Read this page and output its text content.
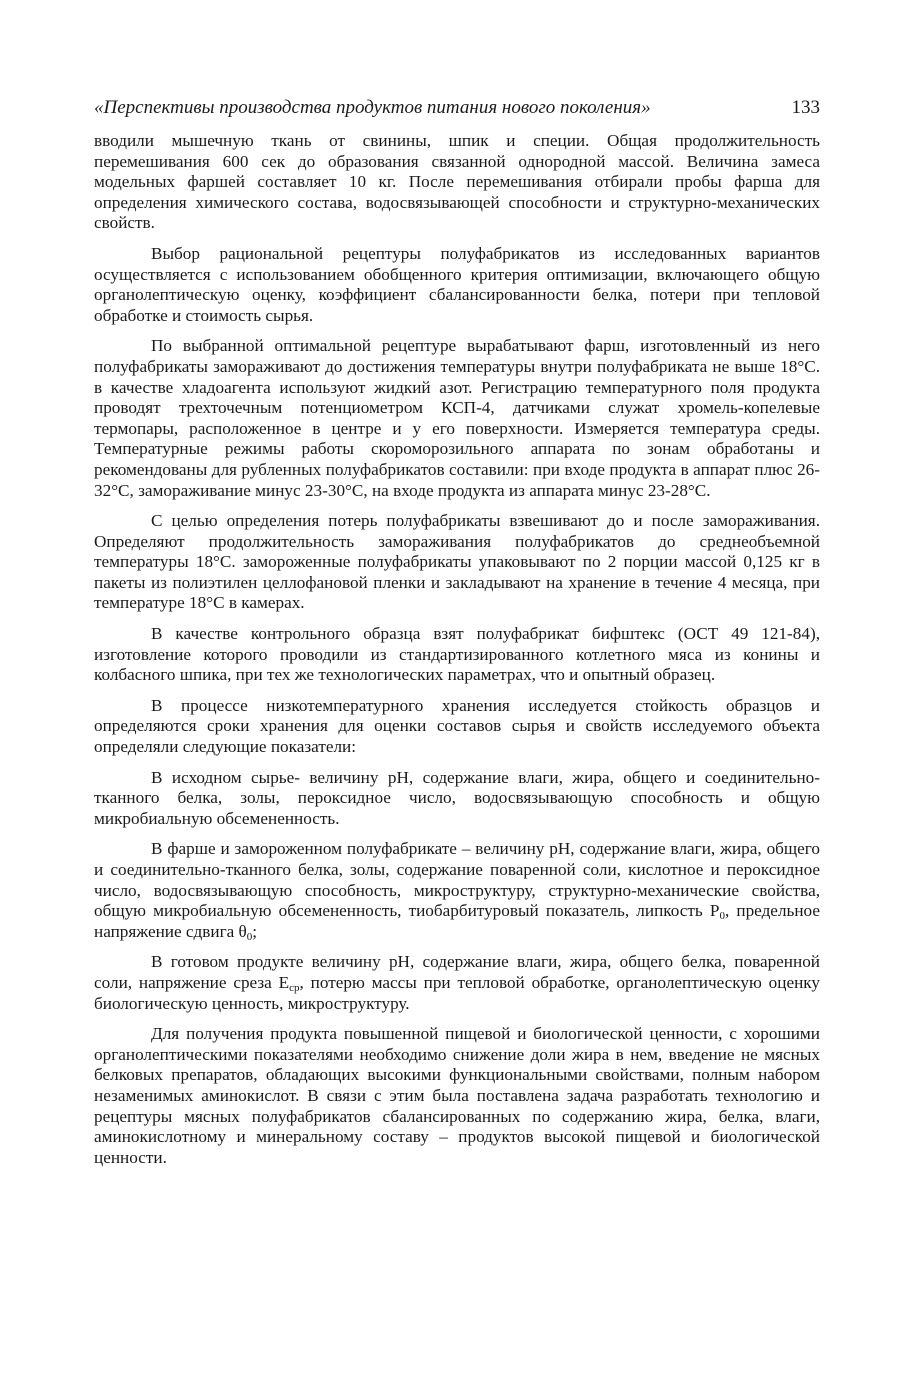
«Перспективы производства продуктов питания нового поколения»	133

вводили мышечную ткань от свинины, шпик и специи. Общая продолжительность перемешивания 600 сек до образования связанной однородной массой. Величина замеса модельных фаршей составляет 10 кг. После перемешивания отбирали пробы фарша для определения химического состава, водосвязывающей способности и структурно-механических свойств.

Выбор рациональной рецептуры полуфабрикатов из исследованных вариантов осуществляется с использованием обобщенного критерия оптимизации, включающего общую органолептическую оценку, коэффициент сбалансированности белка, потери при тепловой обработке и стоимость сырья.

По выбранной оптимальной рецептуре вырабатывают фарш, изготовленный из него полуфабрикаты замораживают до достижения температуры внутри полуфабриката не выше 18°С. в качестве хладоагента используют жидкий азот. Регистрацию температурного поля продукта проводят трехточечным потенциометром КСП-4, датчиками служат хромель-копелевые термопары, расположенное в центре и у его поверхности. Измеряется температура среды. Температурные режимы работы скороморозильного аппарата по зонам обработаны и рекомендованы для рубленных полуфабрикатов составили: при входе продукта в аппарат плюс 26-32°С, замораживание минус 23-30°С, на входе продукта из аппарата минус 23-28°С.

С целью определения потерь полуфабрикаты взвешивают до и после замораживания. Определяют продолжительность замораживания полуфабрикатов до среднеобъемной температуры 18°С. замороженные полуфабрикаты упаковывают по 2 порции массой 0,125 кг в пакеты из полиэтилен целлофановой пленки и закладывают на хранение в течение 4 месяца, при температуре 18°С в камерах.

В качестве контрольного образца взят полуфабрикат бифштекс (ОСТ 49 121-84), изготовление которого проводили из стандартизированного котлетного мяса из конины и колбасного шпика, при тех же технологических параметрах, что и опытный образец.

В процессе низкотемпературного хранения исследуется стойкость образцов и определяются сроки хранения для оценки составов сырья и свойств исследуемого объекта определяли следующие показатели:

В исходном сырье- величину рН, содержание влаги, жира, общего и соединительно-тканного белка, золы, пероксидное число, водосвязывающую способность и общую микробиальную обсемененность.

В фарше и замороженном полуфабрикате – величину рН, содержание влаги, жира, общего и соединительно-тканного белка, золы, содержание поваренной соли, кислотное и пероксидное число, водосвязывающую способность, микроструктуру, структурно-механические свойства, общую микробиальную обсемененность, тиобарбитуровый показатель, липкость $Р_0$, предельное напряжение сдвига $\theta_0$;

В готовом продукте величину рН, содержание влаги, жира, общего белка, поваренной соли, напряжение среза $Е_{ср}$, потерю массы при тепловой обработке, органолептическую оценку биологическую ценность, микроструктуру.

Для получения продукта повышенной пищевой и биологической ценности, с хорошими органолептическими показателями необходимо снижение доли жира в нем, введение не мясных белковых препаратов, обладающих высокими функциональными свойствами, полным набором незаменимых аминокислот. В связи с этим была поставлена задача разработать технологию и рецептуры мясных полуфабрикатов сбалансированных по содержанию жира, белка, влаги, аминокислотному и минеральному составу – продуктов высокой пищевой и биологической ценности.
